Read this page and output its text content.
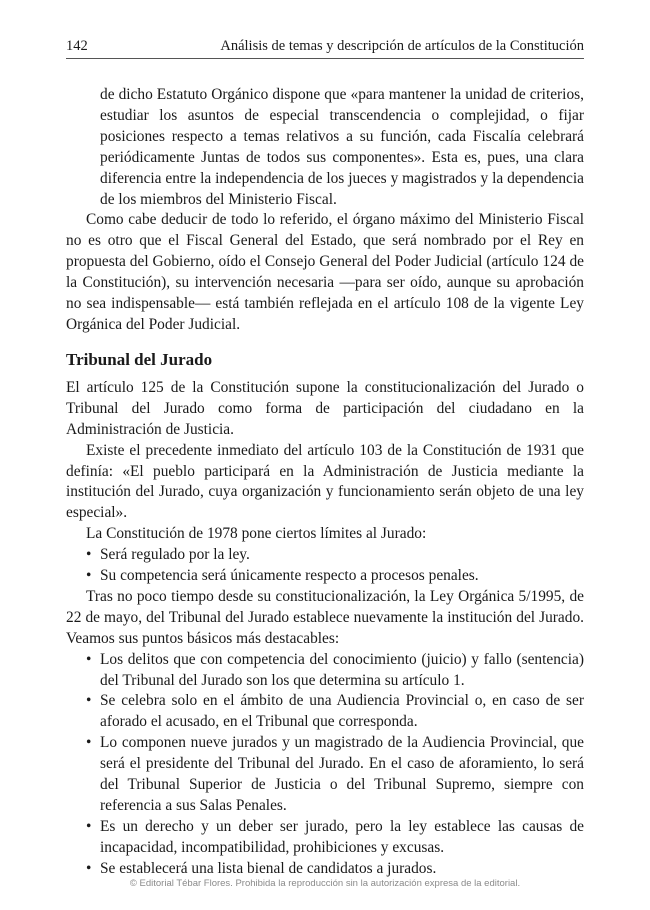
142	Análisis de temas y descripción de artículos de la Constitución

de dicho Estatuto Orgánico dispone que «para mantener la unidad de criterios, estudiar los asuntos de especial transcendencia o complejidad, o fijar posiciones respecto a temas relativos a su función, cada Fiscalía celebrará periódicamente Juntas de todos sus componentes». Esta es, pues, una clara diferencia entre la independencia de los jueces y magistrados y la dependencia de los miembros del Ministerio Fiscal.

Como cabe deducir de todo lo referido, el órgano máximo del Ministerio Fiscal no es otro que el Fiscal General del Estado, que será nombrado por el Rey en propuesta del Gobierno, oído el Consejo General del Poder Judicial (artículo 124 de la Constitución), su intervención necesaria —para ser oído, aunque su aprobación no sea indispensable— está también reflejada en el artículo 108 de la vigente Ley Orgánica del Poder Judicial.

Tribunal del Jurado

El artículo 125 de la Constitución supone la constitucionalización del Jurado o Tribunal del Jurado como forma de participación del ciudadano en la Administración de Justicia.

Existe el precedente inmediato del artículo 103 de la Constitución de 1931 que definía: «El pueblo participará en la Administración de Justicia mediante la institución del Jurado, cuya organización y funcionamiento serán objeto de una ley especial».

La Constitución de 1978 pone ciertos límites al Jurado:

• Será regulado por la ley.
• Su competencia será únicamente respecto a procesos penales.

Tras no poco tiempo desde su constitucionalización, la Ley Orgánica 5/1995, de 22 de mayo, del Tribunal del Jurado establece nuevamente la institución del Jurado. Veamos sus puntos básicos más destacables:

• Los delitos que con competencia del conocimiento (juicio) y fallo (sentencia) del Tribunal del Jurado son los que determina su artículo 1.
• Se celebra solo en el ámbito de una Audiencia Provincial o, en caso de ser aforado el acusado, en el Tribunal que corresponda.
• Lo componen nueve jurados y un magistrado de la Audiencia Provincial, que será el presidente del Tribunal del Jurado. En el caso de aforamiento, lo será del Tribunal Superior de Justicia o del Tribunal Supremo, siempre con referencia a sus Salas Penales.
• Es un derecho y un deber ser jurado, pero la ley establece las causas de incapacidad, incompatibilidad, prohibiciones y excusas.
• Se establecerá una lista bienal de candidatos a jurados.
© Editorial Tébar Flores. Prohibida la reproducción sin la autorización expresa de la editorial.
